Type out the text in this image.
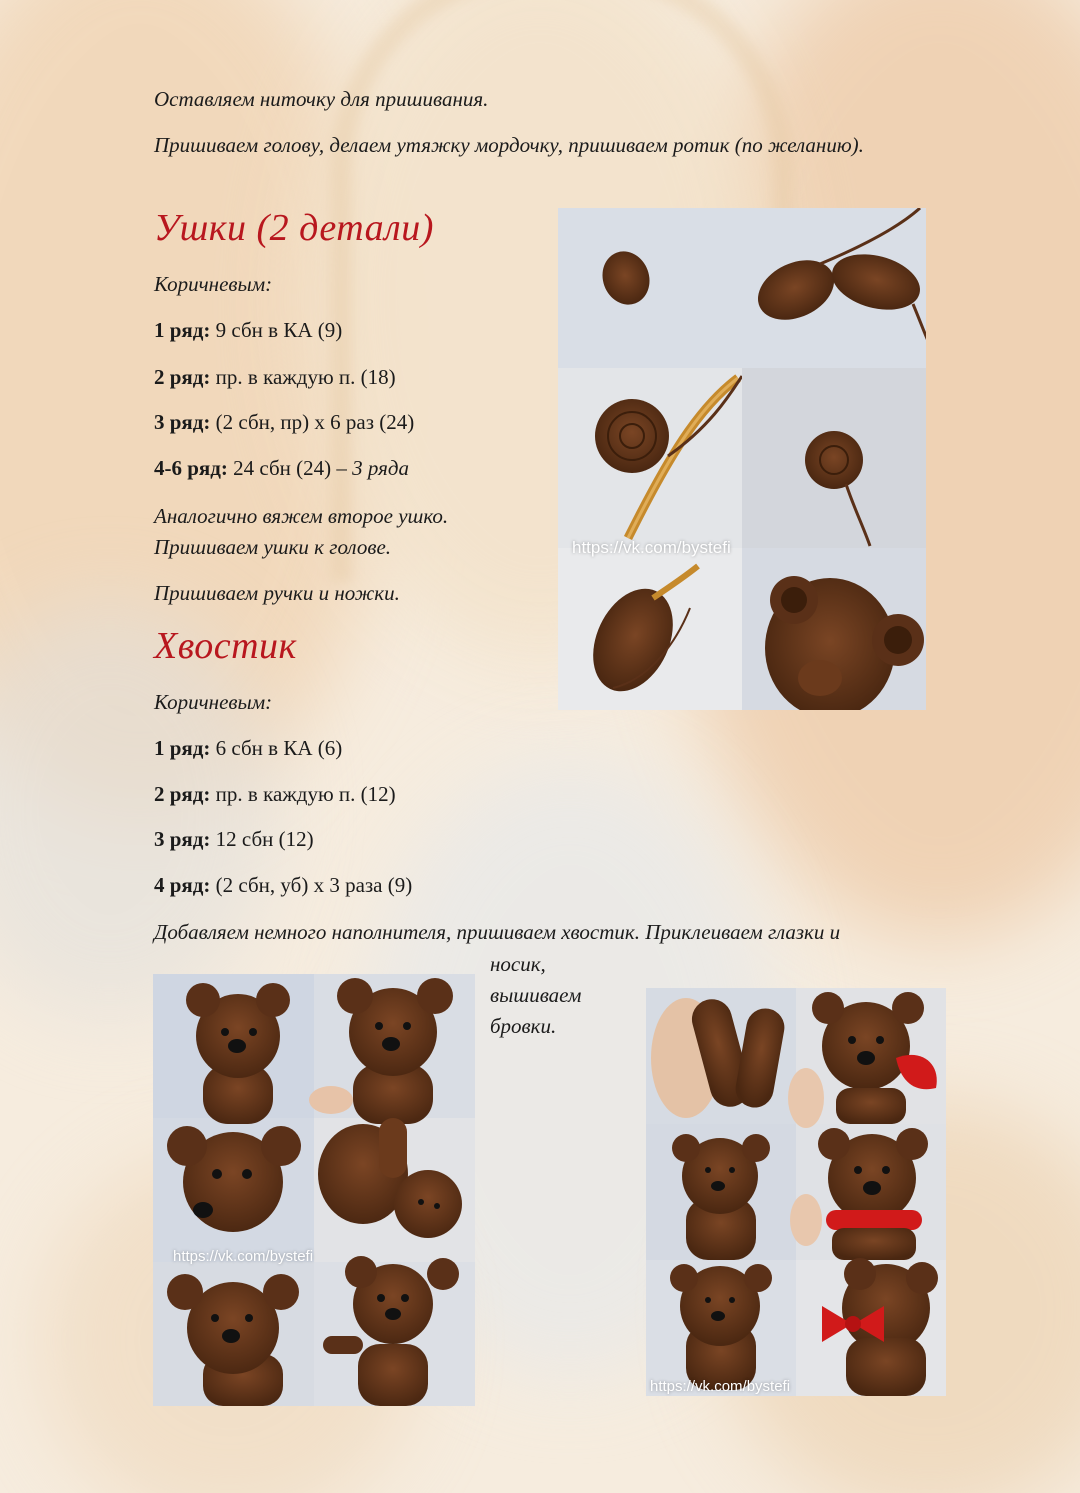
Оставляем ниточку для пришивания.

Пришиваем голову, делаем утяжку мордочку, пришиваем ротик (по желанию).

Ушки (2 детали)

Коричневым:

1 ряд: 9 сбн в КА (9)

2 ряд: пр. в каждую п. (18)

3 ряд: (2 сбн, пр) х 6 раз (24)

4-6 ряд: 24 сбн (24) – 3 ряда

Аналогично вяжем второе ушко.

Пришиваем ушки к голове.

Пришиваем ручки и ножки.

https://vk.com/bystefi
Хвостик

Коричневым:

1 ряд: 6 сбн в КА (6)

2 ряд: пр. в каждую п. (12)

3 ряд: 12 сбн (12)

4 ряд: (2 сбн, уб) х 3 раза (9)

Добавляем немного наполнителя, пришиваем хвостик. Приклеиваем глазки и

носик,

вышиваем

бровки.

https://vk.com/bystefi
https://vk.com/bystefi
